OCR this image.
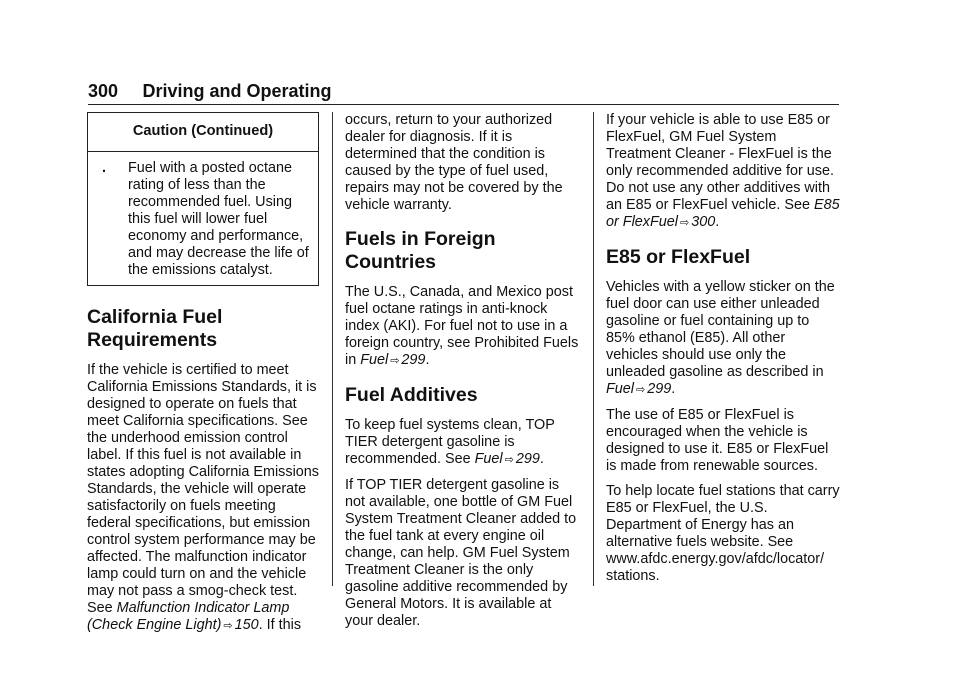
300 Driving and Operating
Caution (Continued)
.	Fuel with a posted octane rating of less than the recommended fuel. Using this fuel will lower fuel economy and performance, and may decrease the life of the emissions catalyst.
California Fuel Requirements

If the vehicle is certified to meet California Emissions Standards, it is designed to operate on fuels that meet California specifications. See the underhood emission control label. If this fuel is not available in states adopting California Emissions Standards, the vehicle will operate satisfactorily on fuels meeting federal specifications, but emission control system performance may be affected. The malfunction indicator lamp could turn on and the vehicle may not pass a smog-check test. See Malfunction Indicator Lamp (Check Engine Light) ⇨ 150. If this

occurs, return to your authorized dealer for diagnosis. If it is determined that the condition is caused by the type of fuel used, repairs may not be covered by the vehicle warranty.

Fuels in Foreign Countries

The U.S., Canada, and Mexico post fuel octane ratings in anti-knock index (AKI). For fuel not to use in a foreign country, see Prohibited Fuels in Fuel ⇨ 299.

Fuel Additives

To keep fuel systems clean, TOP TIER detergent gasoline is recommended. See Fuel ⇨ 299.

If TOP TIER detergent gasoline is not available, one bottle of GM Fuel System Treatment Cleaner added to the fuel tank at every engine oil change, can help. GM Fuel System Treatment Cleaner is the only gasoline additive recommended by General Motors. It is available at your dealer.

If your vehicle is able to use E85 or FlexFuel, GM Fuel System Treatment Cleaner - FlexFuel is the only recommended additive for use. Do not use any other additives with an E85 or FlexFuel vehicle. See E85 or FlexFuel ⇨ 300.

E85 or FlexFuel

Vehicles with a yellow sticker on the fuel door can use either unleaded gasoline or fuel containing up to 85% ethanol (E85). All other vehicles should use only the unleaded gasoline as described in Fuel ⇨ 299.

The use of E85 or FlexFuel is encouraged when the vehicle is designed to use it. E85 or FlexFuel is made from renewable sources.

To help locate fuel stations that carry E85 or FlexFuel, the U.S. Department of Energy has an alternative fuels website. See www.afdc.energy.gov/afdc/locator/ stations.
